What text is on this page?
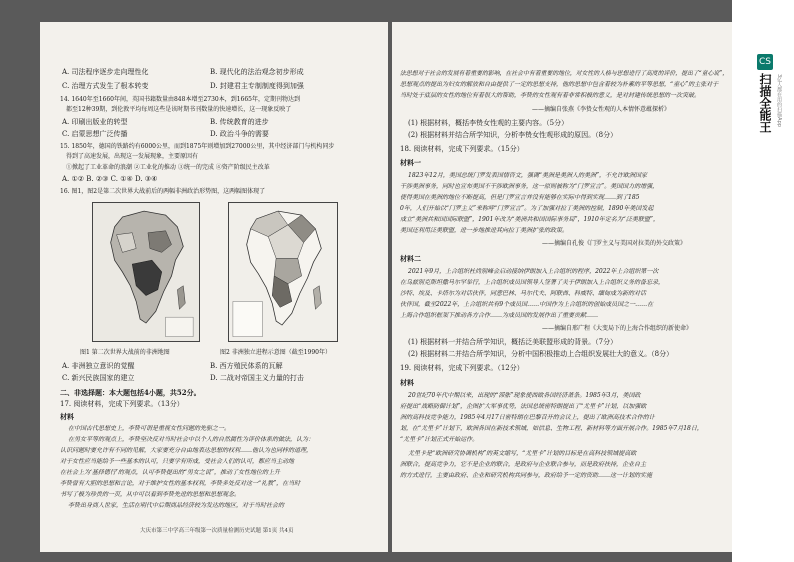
A. 司法程序逐步走向理性化	B. 现代化的法治观念初步形成
C. 治理方式发生了根本转变	D. 封建君主专制制度得到加强
14. 1640年至1660年间，英国书籍数量由848本增至2730本，到1665年，定期刊物达到
都至12种39期，到伦敦平均每周这些是该时期书刊数量的快速增长，这一现象反映了
A. 印刷出版业的转型	B. 传统教育的进步
C. 启蒙思想广泛传播	D. 政治斗争的需要
15. 1850年，德国的铁路约有6000公里，而到1875年则增加到27000公里，其中经济部门与机构同步
得到了高速发展，出现这一发展现象，主要原因有
①掀起了工业革命的浪潮 ②工业化的推动 ③统一的完成 ④资产阶级民主改革
A. ①② B. ②③ C. ①④ D. ③④
16. 图1，图2是第二次世界大战前后的两幅非洲政治形势图，这两幅图体现了
图1 第二次世界大战前的非洲地图	图2 非洲独立进程示意图（截至1990年）
A. 非洲独立意识的觉醒	B. 西方殖民体系的瓦解
C. 新兴民族国家的建立	D. 二战对帝国主义力量的打击
二、非选择题：本大题包括4小题，共52分。
17. 阅读材料，完成下列要求。（13分）
材料
在中国古代思想史上，李贽可谓是重视女性问题的先驱之一。
在男女平等的观点上，李贽坚决反对当时社会中以个人的自然属性为评价体系的做法，认为：
认识问题时要允许有不同的见解，大家要充分自由地表达思想的权利……他认为也同样的道理，
对于女性应当能给予一些基本的认可，只要学有所成，受社会人们的认可，都应当主动地
在社会上为‘基择德行’的观点，认可李贽提出的“男女之说”，推动了女性地位的上升
李贽曾有大胆的思想和言论，对于维护女性的基本权利，李贽多处反对这一“礼教”，在当时
书写了极为珍贵的一页，从中可以看到李贽先进的思想和思想观念。
李贽出身商人世家，生活在明代中后期商品经济较为发达的地区，对于当时社会的
大庆市第三中学高三年级第一次质量检测历史试题 第1页 共4页
法思想对于社会的发展有着重要的影响，在社会中有着重要的地位，对女性的人格与思想进行了高度的评价，提出了“童心说”，
思想观点的提出为妇女的解放和自由提供了一定的思想支持，他的思想中包含着较为朴素的平等思想，“童心”的主张对于
当时处于底层的女性的地位有着很大的帮助，李贽的女性观有着非常积极的意义，是对封建传统思想的一次突破。
——摘编自张燕《李贽女性观的人本情怀意蕴探析》
(1) 根据材料，概括李贽女性观的主要内容。（5分）
(2) 根据材料并结合所学知识，分析李贽女性观形成的原因。（8分）
18. 阅读材料，完成下列要求。（15分）
材料一
1823年12月，美国总统门罗发表国情咨文，强调“美洲是美洲人的美洲”，不允许欧洲国家
干涉美洲事务，同时也宣布美国不干涉欧洲事务，这一原则被称为“门罗宣言”。美国国力的增强，
使得美国在美洲的地位不断提高，但是门罗宣言并没有能够在实际中得到实现……到了185
0年，人们开始以“门罗主义”来称呼“门罗宣言”。为了加强对拉丁美洲的控制，1890年美国发起
成立“美洲共和国国际联盟”，1901年改为“美洲共和国国际事务局”，1910年定名为“泛美联盟”，
美国还利用泛美联盟，进一步地推进其向拉丁美洲扩张的政策。
——摘编自孔俊《门罗主义与美国对拉美的外交政策》
材料二
2021年9月，上合组织杜尚别峰会启动接纳伊朗加入上合组织的程序，2022年上合组织第一次
在乌兹别克斯坦撒马尔罕举行，上合组织成员国领导人签署了关于伊朗加入上合组织义务的备忘录，
沙特、埃及、卡塔尔为对话伙伴，同意巴林、马尔代夫、阿联酋、科威特、缅甸成为新的对话
伙伴国，截至2022年，上合组织共有9个成员国……中国作为上合组织的创始成员国之一……在
上海合作组织框架下推动各方合作……为成员国的发展作出了重要贡献……
——摘编自邢广程《大变局下的上海合作组织的新使命》
(1) 根据材料一并结合所学知识，概括泛美联盟形成的背景。（7分）
(2) 根据材料二并结合所学知识，分析中国积极推动上合组织发展壮大的意义。（8分）
19. 阅读材料，完成下列要求。（12分）
材料
20世纪70年代中期以来，出现的“滞胀”现象使西欧各国经济萧条。1985年3月，美国政
府提出“战略防御计划”，企图扩大军事优势，法国总统密特朗提出了“尤里卡”计划，以加强欧
洲的高科技竞争能力，1985年4月17日密特朗在巴黎召开的会议上，提出了欧洲高技术合作的计
划，在“尤里卡”计划下，欧洲各国在新技术领域，如信息、生物工程、新材料等方面开展合作。1985年7月18日，
“尤里卡”计划正式开始运作。
尤里卡是“欧洲研究协调机构”的英文缩写，“尤里卡”计划的目标是在高科技领域提高欧
洲联合，提高竞争力，它不是企业的联合，是政府与企业联合参与，而是政府扶持，企业自主
的方式进行，主要由政府、企业和研究机构共同参与，政府给予一定的资助……这一计划的实施
CS
扫描全能王 3亿人都在用的扫描App
